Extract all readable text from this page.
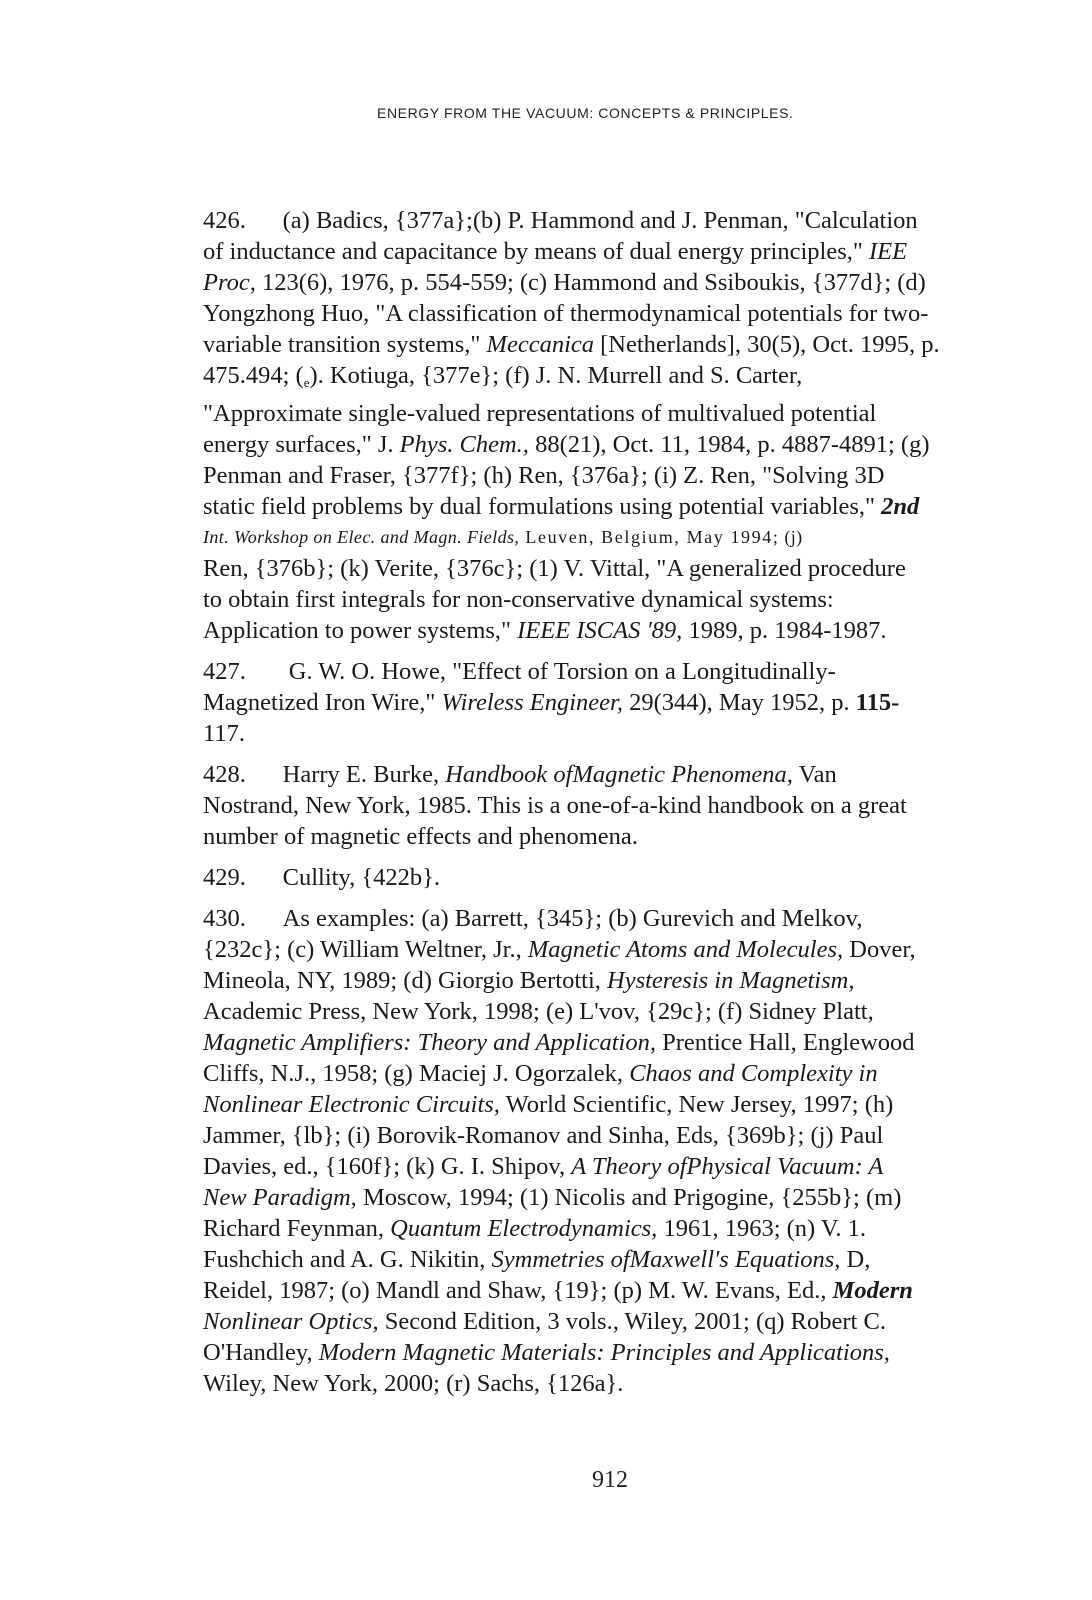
ENERGY FROM THE VACUUM: CONCEPTS & PRINCIPLES.
426. (a) Badics, {377a};(b) P. Hammond and J. Penman, "Calculation
of inductance and capacitance by means of dual energy principles," IEE
Proc, 123(6), 1976, p. 554-559; (c) Hammond and Ssiboukis, {377d}; (d)
Yongzhong Huo, "A classification of thermodynamical potentials for two-
variable transition systems," Meccanica [Netherlands], 30(5), Oct. 1995, p.
475.494; $(_e)$. Kotiuga, {377e}; (f) J. N. Murrell and S. Carter,
"Approximate single-valued representations of multivalued potential
energy surfaces," J. Phys. Chem., 88(21), Oct. 11, 1984, p. 4887-4891; (g)
Penman and Fraser, {377f}; (h) Ren, {376a}; (i) Z. Ren, "Solving 3D
static field problems by dual formulations using potential variables," 2nd
Int. Workshop on Elec. and Magn. Fields, Leuven, Belgium, May 1994; (j)
Ren, {376b}; (k) Verite, {376c}; (1) V. Vittal, "A generalized procedure
to obtain first integrals for non-conservative dynamical systems:
Application to power systems," IEEE ISCAS '89, 1989, p. 1984-1987.
427. G. W. O. Howe, "Effect of Torsion on a Longitudinally-
Magnetized Iron Wire," Wireless Engineer, 29(344), May 1952, p. 115-
117.
428. Harry E. Burke, Handbook ofMagnetic Phenomena, Van
Nostrand, New York, 1985. This is a one-of-a-kind handbook on a great
number of magnetic effects and phenomena.
429. Cullity, {422b}.
430. As examples: (a) Barrett, {345}; (b) Gurevich and Melkov,
{232c}; (c) William Weltner, Jr., Magnetic Atoms and Molecules, Dover,
Mineola, NY, 1989; (d) Giorgio Bertotti, Hysteresis in Magnetism,
Academic Press, New York, 1998; (e) L'vov, {29c}; (f) Sidney Platt,
Magnetic Amplifiers: Theory and Application, Prentice Hall, Englewood
Cliffs, N.J., 1958; (g) Maciej J. Ogorzalek, Chaos and Complexity in
Nonlinear Electronic Circuits, World Scientific, New Jersey, 1997; (h)
Jammer, {lb}; (i) Borovik-Romanov and Sinha, Eds, {369b}; (j) Paul
Davies, ed., {160f}; (k) G. I. Shipov, A Theory ofPhysical Vacuum: A
New Paradigm, Moscow, 1994; (1) Nicolis and Prigogine, {255b}; (m)
Richard Feynman, Quantum Electrodynamics, 1961, 1963; (n) V. 1.
Fushchich and A. G. Nikitin, Symmetries ofMaxwell's Equations, D,
Reidel, 1987; (o) Mandl and Shaw, {19}; (p) M. W. Evans, Ed., Modern
Nonlinear Optics, Second Edition, 3 vols., Wiley, 2001; (q) Robert C.
O'Handley, Modern Magnetic Materials: Principles and Applications,
Wiley, New York, 2000; (r) Sachs, {126a}.
912
